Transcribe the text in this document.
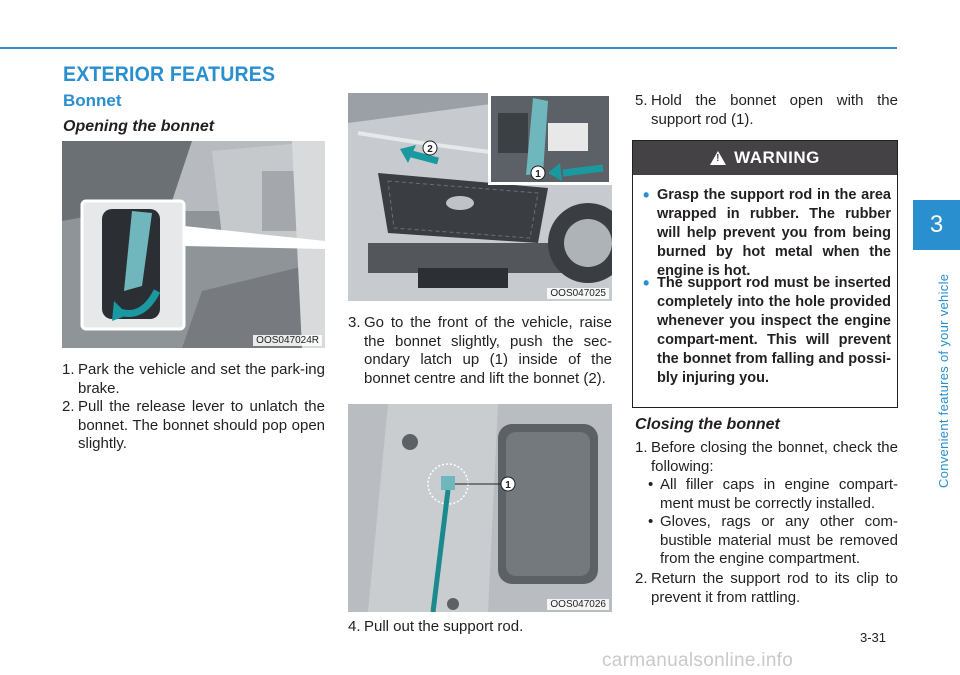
EXTERIOR FEATURES
Bonnet
Opening the bonnet
OOS047024R
1. Park the vehicle and set the park-ing brake.
2. Pull the release lever to unlatch the bonnet. The bonnet should pop open slightly.
2
1
OOS047025
3. Go to the front of the vehicle, raise the bonnet slightly, push the sec-ondary latch up (1) inside of the bonnet centre and lift the bonnet (2).
1
OOS047026
4. Pull out the support rod.
5. Hold the bonnet open with the support rod (1).
!
WARNING
• Grasp the support rod in the area wrapped in rubber. The rubber will help prevent you from being burned by hot metal when the engine is hot.
• The support rod must be inserted completely into the hole provided whenever you inspect the engine compart-ment. This will prevent the bonnet from falling and possi-bly injuring you.
Closing the bonnet
1. Before closing the bonnet, check the following:
• All filler caps in engine compart-ment must be correctly installed.
• Gloves, rags or any other com-bustible material must be removed from the engine compartment.
2. Return the support rod to its clip to prevent it from rattling.
3
Convenient features of your vehicle
3-31
carmanualsonline.info
